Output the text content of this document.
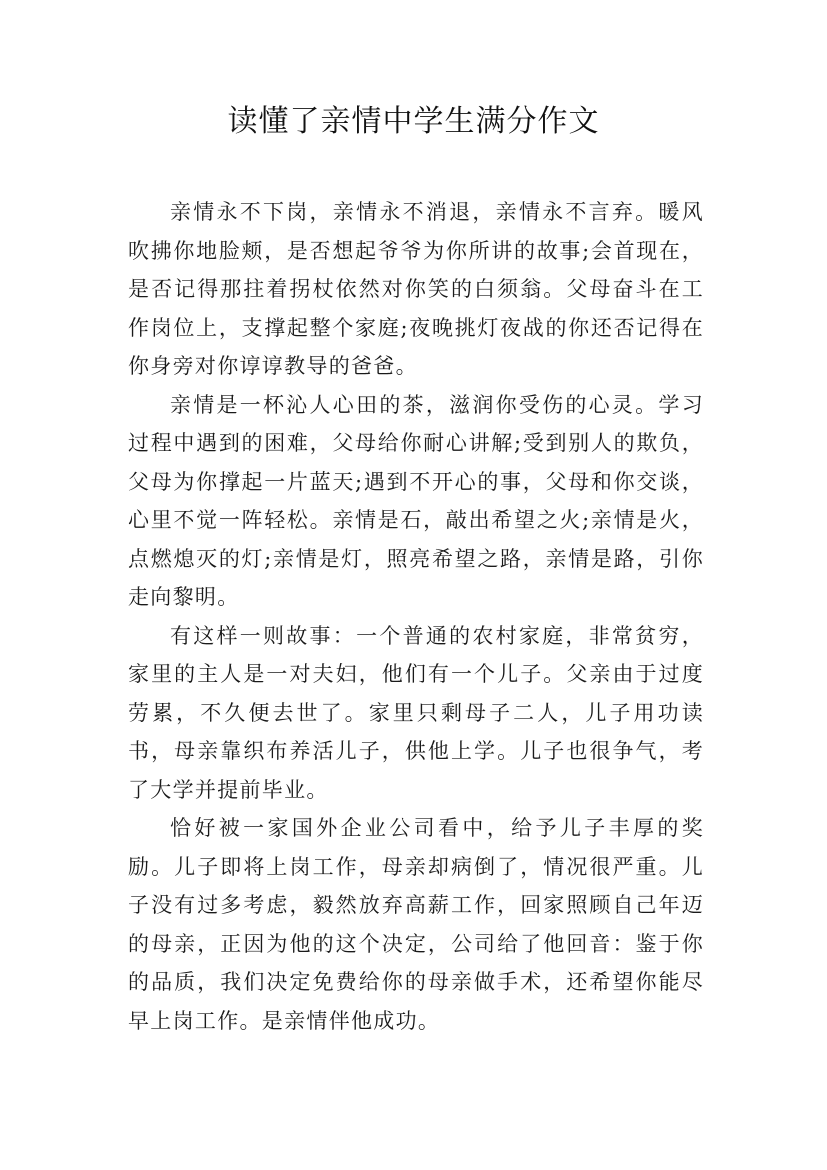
读懂了亲情中学生满分作文

亲情永不下岗，亲情永不消退，亲情永不言弃。暖风吹拂你地脸颊，是否想起爷爷为你所讲的故事;会首现在，是否记得那拄着拐杖依然对你笑的白须翁。父母奋斗在工作岗位上，支撑起整个家庭;夜晚挑灯夜战的你还否记得在你身旁对你谆谆教导的爸爸。

亲情是一杯沁人心田的茶，滋润你受伤的心灵。学习过程中遇到的困难，父母给你耐心讲解;受到别人的欺负，父母为你撑起一片蓝天;遇到不开心的事，父母和你交谈，心里不觉一阵轻松。亲情是石，敲出希望之火;亲情是火，点燃熄灭的灯;亲情是灯，照亮希望之路，亲情是路，引你走向黎明。

有这样一则故事：一个普通的农村家庭，非常贫穷，家里的主人是一对夫妇，他们有一个儿子。父亲由于过度劳累，不久便去世了。家里只剩母子二人，儿子用功读书，母亲靠织布养活儿子，供他上学。儿子也很争气，考了大学并提前毕业。

恰好被一家国外企业公司看中，给予儿子丰厚的奖励。儿子即将上岗工作，母亲却病倒了，情况很严重。儿子没有过多考虑，毅然放弃高薪工作，回家照顾自己年迈的母亲，正因为他的这个决定，公司给了他回音：鉴于你的品质，我们决定免费给你的母亲做手术，还希望你能尽早上岗工作。是亲情伴他成功。
